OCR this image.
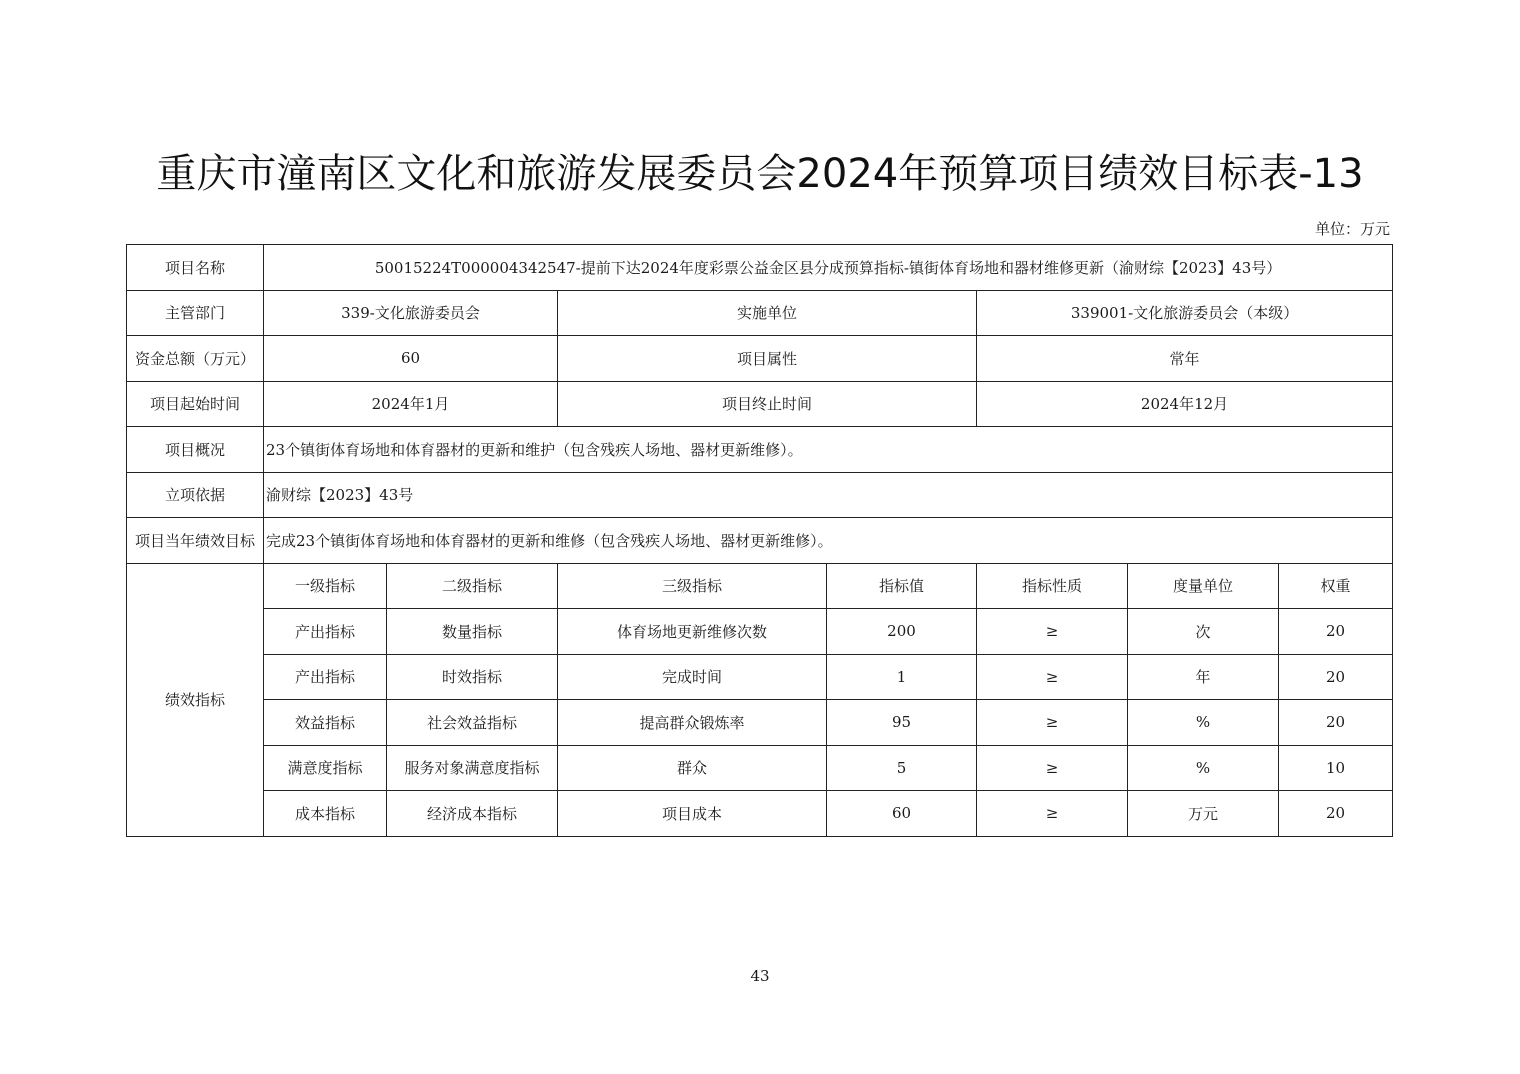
重庆市潼南区文化和旅游发展委员会2024年预算项目绩效目标表-13
单位：万元
项目名称	50015224T000004342547-提前下达2024年度彩票公益金区县分成预算指标-镇街体育场地和器材维修更新（渝财综【2023】43号）						
主管部门	339-文化旅游委员会		实施单位		339001-文化旅游委员会（本级）		
资金总额（万元）	60		项目属性		常年		
项目起始时间	2024年1月		项目终止时间		2024年12月		
项目概况	23个镇街体育场地和体育器材的更新和维护（包含残疾人场地、器材更新维修）。						
立项依据	渝财综【2023】43号						
项目当年绩效目标	完成23个镇街体育场地和体育器材的更新和维修（包含残疾人场地、器材更新维修）。						
绩效指标	一级指标	二级指标	三级指标	指标值	指标性质	度量单位	权重
	产出指标	数量指标	体育场地更新维修次数	200	≥	次	20
	产出指标	时效指标	完成时间	1	≥	年	20
	效益指标	社会效益指标	提高群众锻炼率	95	≥	%	20
	满意度指标	服务对象满意度指标	群众	5	≥	%	10
	成本指标	经济成本指标	项目成本	60	≥	万元	20
43
